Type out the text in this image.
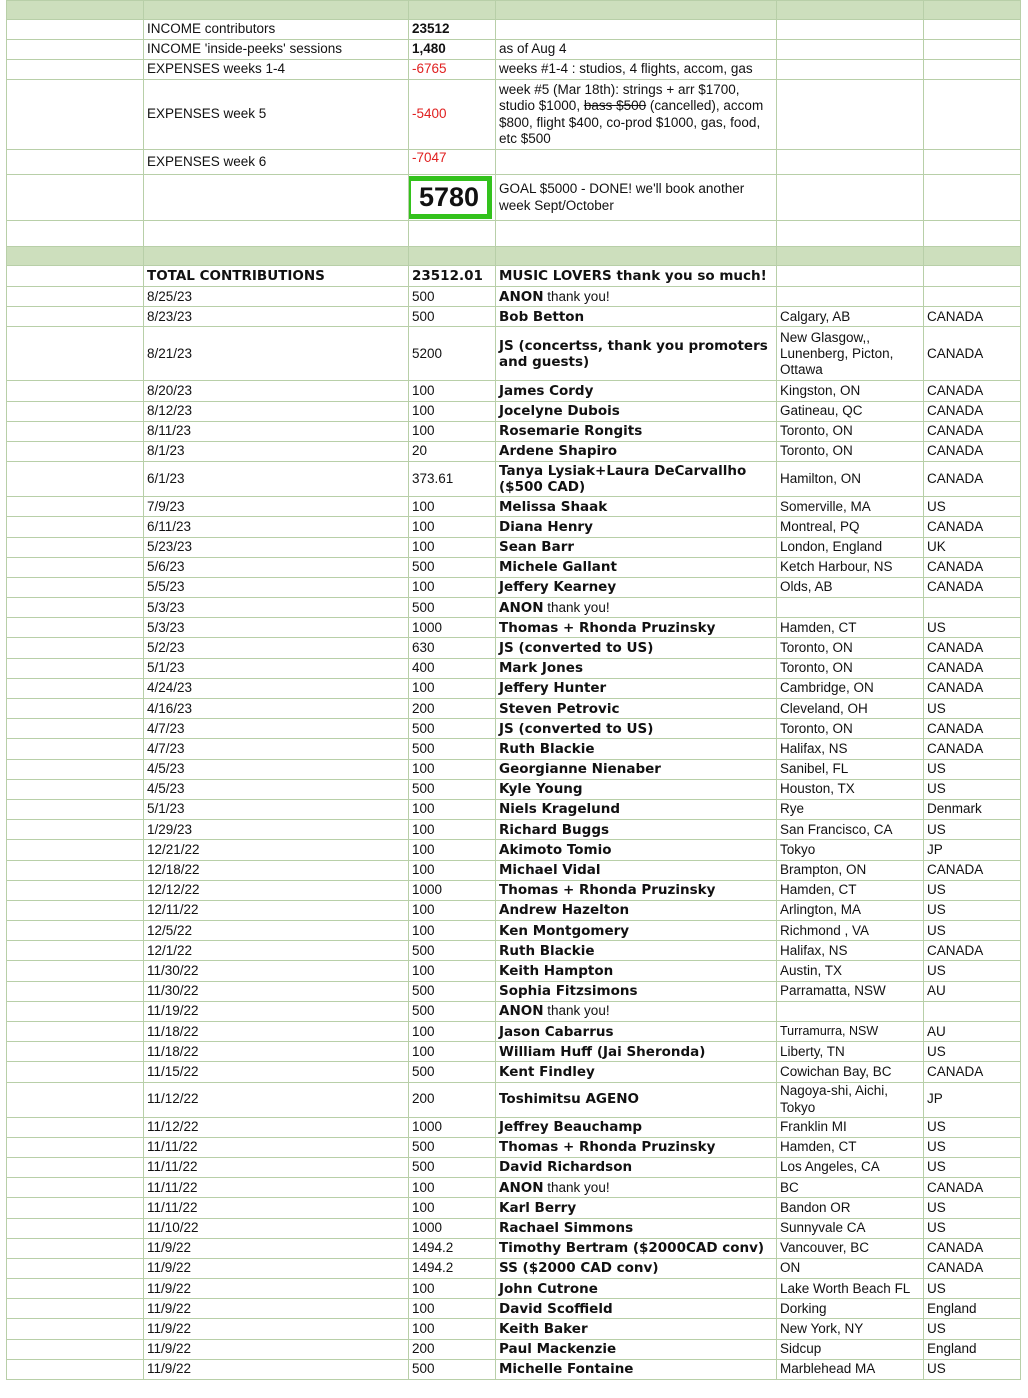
	INCOME contributors	23512			
	INCOME 'inside-peeks' sessions	1,480	as of Aug 4		
	EXPENSES weeks 1-4	-6765	weeks #1-4 : studios, 4 flights, accom, gas		
	EXPENSES week 5	-5400	week #5 (Mar 18th): strings + arr $1700, studio $1000, bass $500 (cancelled), accom $800, flight $400, co-prod $1000, gas, food, etc $500		
	EXPENSES week 6	-7047			
		5780	GOAL $5000 - DONE! we'll book another week Sept/October		

	TOTAL CONTRIBUTIONS	23512.01	MUSIC LOVERS thank you so much!		
	8/25/23	500	ANON thank you!		
	8/23/23	500	Bob Betton	Calgary, AB	CANADA
	8/21/23	5200	JS (concertss, thank you promoters and guests)	New Glasgow,, Lunenberg, Picton, Ottawa	CANADA
	8/20/23	100	James Cordy	Kingston, ON	CANADA
	8/12/23	100	Jocelyne Dubois	Gatineau, QC	CANADA
	8/11/23	100	Rosemarie Rongits	Toronto, ON	CANADA
	8/1/23	20	Ardene Shapiro	Toronto, ON	CANADA
	6/1/23	373.61	Tanya Lysiak+Laura DeCarvallho ($500 CAD)	Hamilton, ON	CANADA
	7/9/23	100	Melissa Shaak	Somerville, MA	US
	6/11/23	100	Diana Henry	Montreal, PQ	CANADA
	5/23/23	100	Sean Barr	London, England	UK
	5/6/23	500	Michele Gallant	Ketch Harbour, NS	CANADA
	5/5/23	100	Jeffery Kearney	Olds, AB	CANADA
	5/3/23	500	ANON thank you!		
	5/3/23	1000	Thomas + Rhonda Pruzinsky	Hamden, CT	US
	5/2/23	630	JS (converted to US)	Toronto, ON	CANADA
	5/1/23	400	Mark Jones	Toronto, ON	CANADA
	4/24/23	100	Jeffery Hunter	Cambridge, ON	CANADA
	4/16/23	200	Steven Petrovic	Cleveland, OH	US
	4/7/23	500	JS (converted to US)	Toronto, ON	CANADA
	4/7/23	500	Ruth Blackie	Halifax, NS	CANADA
	4/5/23	100	Georgianne Nienaber	Sanibel, FL	US
	4/5/23	500	Kyle Young	Houston, TX	US
	5/1/23	100	Niels Kragelund	Rye	Denmark
	1/29/23	100	Richard Buggs	San Francisco, CA	US
	12/21/22	100	Akimoto Tomio	Tokyo	JP
	12/18/22	100	Michael Vidal	Brampton, ON	CANADA
	12/12/22	1000	Thomas + Rhonda Pruzinsky	Hamden, CT	US
	12/11/22	100	Andrew Hazelton	Arlington, MA	US
	12/5/22	100	Ken Montgomery	Richmond , VA	US
	12/1/22	500	Ruth Blackie	Halifax, NS	CANADA
	11/30/22	100	Keith Hampton	Austin, TX	US
	11/30/22	500	Sophia Fitzsimons	Parramatta, NSW	AU
	11/19/22	500	ANON thank you!		
	11/18/22	100	Jason Cabarrus	Turramurra, NSW	AU
	11/18/22	100	William Huff (Jai Sheronda)	Liberty, TN	US
	11/15/22	500	Kent Findley	Cowichan Bay, BC	CANADA
	11/12/22	200	Toshimitsu AGENO	Nagoya-shi, Aichi, Tokyo	JP
	11/12/22	1000	Jeffrey Beauchamp	Franklin MI	US
	11/11/22	500	Thomas + Rhonda Pruzinsky	Hamden, CT	US
	11/11/22	500	David Richardson	Los Angeles, CA	US
	11/11/22	100	ANON thank you!	BC	CANADA
	11/11/22	100	Karl Berry	Bandon OR	US
	11/10/22	1000	Rachael Simmons	Sunnyvale CA	US
	11/9/22	1494.2	Timothy Bertram ($2000CAD conv)	Vancouver, BC	CANADA
	11/9/22	1494.2	SS ($2000 CAD conv)	ON	CANADA
	11/9/22	100	John Cutrone	Lake Worth Beach FL	US
	11/9/22	100	David Scoffield	Dorking	England
	11/9/22	100	Keith Baker	New York, NY	US
	11/9/22	200	Paul Mackenzie	Sidcup	England
	11/9/22	500	Michelle Fontaine	Marblehead MA	US
